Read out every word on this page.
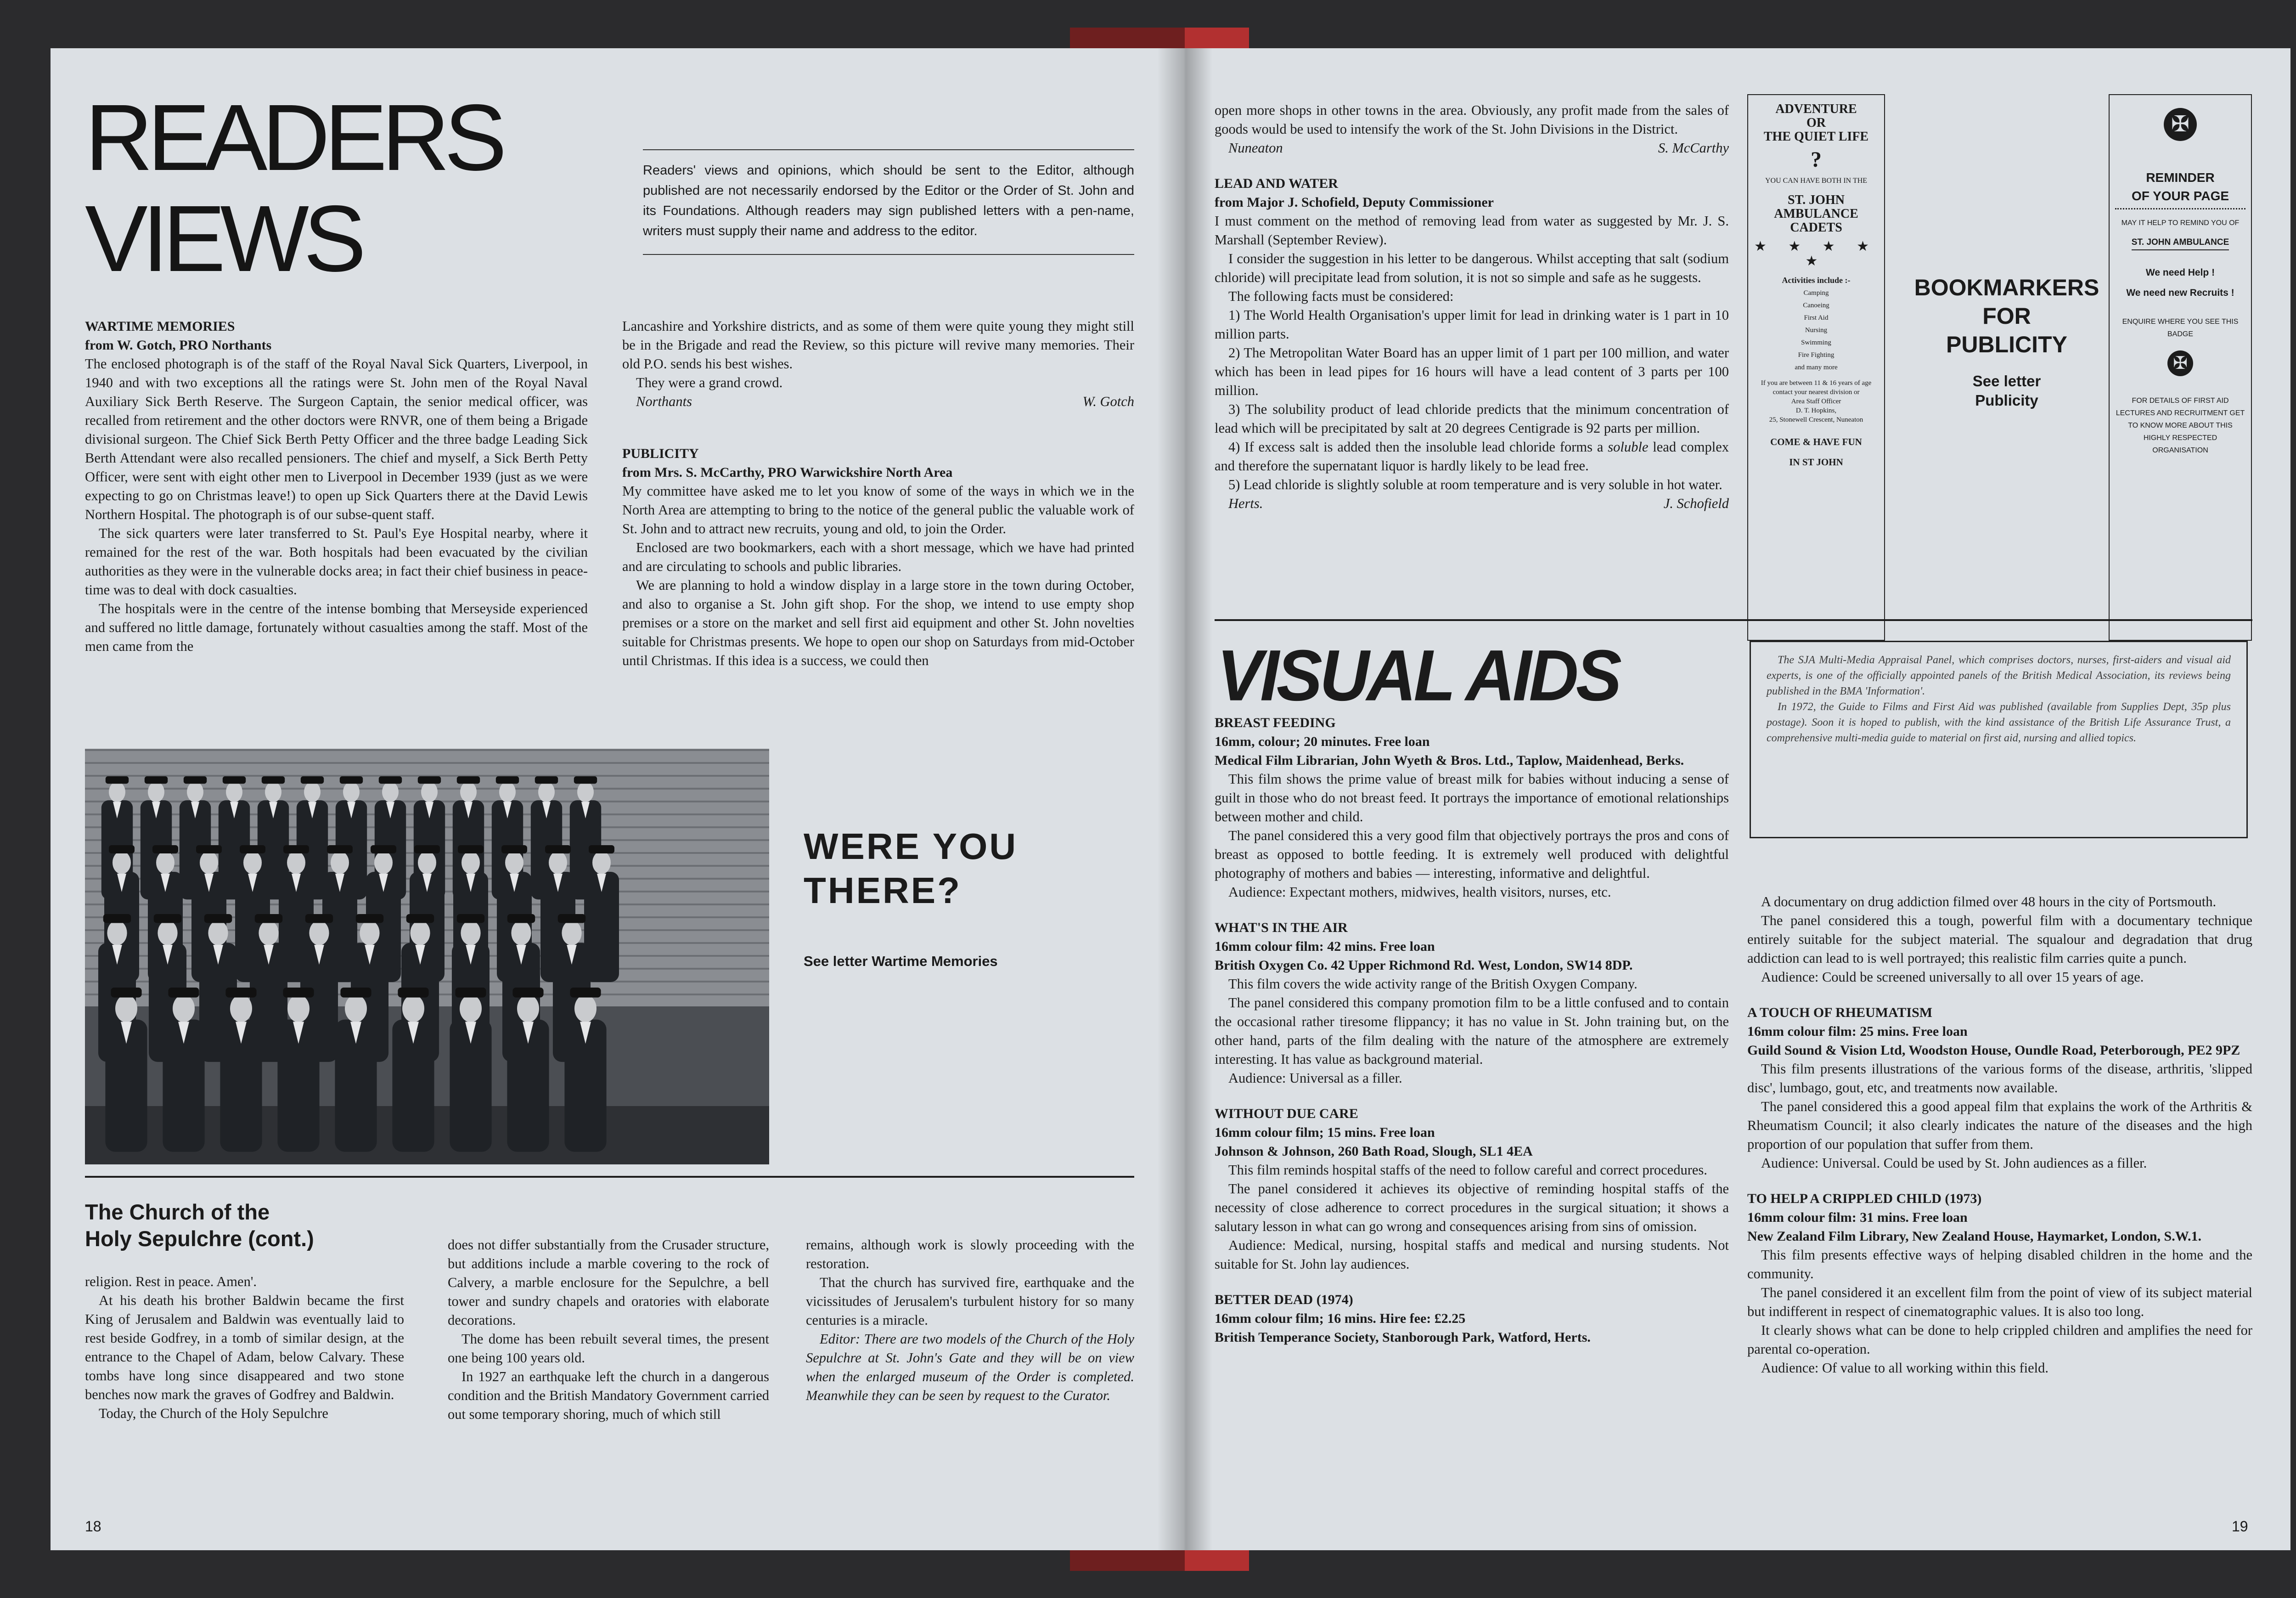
READERS
VIEWS
Readers' views and opinions, which should be sent to the Editor, although published are not necessarily endorsed by the Editor or the Order of St. John and its Foundations. Although readers may sign published letters with a pen-name, writers must supply their name and address to the editor.
WARTIME MEMORIES
from W. Gotch, PRO Northants

The enclosed photograph is of the staff of the Royal Naval Sick Quarters, Liverpool, in 1940 and with two exceptions all the ratings were St. John men of the Royal Naval Auxiliary Sick Berth Reserve. The Surgeon Captain, the senior medical officer, was recalled from retirement and the other doctors were RNVR, one of them being a Brigade divisional surgeon. The Chief Sick Berth Petty Officer and the three badge Leading Sick Berth Attendant were also recalled pensioners. The chief and myself, a Sick Berth Petty Officer, were sent with eight other men to Liverpool in December 1939 (just as we were expecting to go on Christmas leave!) to open up Sick Quarters there at the David Lewis Northern Hospital. The photograph is of our subse-quent staff.

The sick quarters were later transferred to St. Paul's Eye Hospital nearby, where it remained for the rest of the war. Both hospitals had been evacuated by the civilian authorities as they were in the vulnerable docks area; in fact their chief business in peace-time was to deal with dock casualties.

The hospitals were in the centre of the intense bombing that Merseyside experienced and suffered no little damage, fortunately without casualties among the staff. Most of the men came from the

Lancashire and Yorkshire districts, and as some of them were quite young they might still be in the Brigade and read the Review, so this picture will revive many memories. Their old P.O. sends his best wishes.

They were a grand crowd.

Northants	W. Gotch

PUBLICITY
from Mrs. S. McCarthy, PRO Warwickshire North Area

My committee have asked me to let you know of some of the ways in which we in the North Area are attempting to bring to the notice of the general public the valuable work of St. John and to attract new recruits, young and old, to join the Order.

Enclosed are two bookmarkers, each with a short message, which we have had printed and are circulating to schools and public libraries.

We are planning to hold a window display in a large store in the town during October, and also to organise a St. John gift shop. For the shop, we intend to use empty shop premises or a store on the market and sell first aid equipment and other St. John novelties suitable for Christmas presents. We hope to open our shop on Saturdays from mid-October until Christmas. If this idea is a success, we could then

WERE YOU THERE?
See letter Wartime Memories
The Church of the
Holy Sepulchre (cont.)

religion. Rest in peace. Amen'.

At his death his brother Baldwin became the first King of Jerusalem and Baldwin was eventually laid to rest beside Godfrey, in a tomb of similar design, at the entrance to the Chapel of Adam, below Calvary. These tombs have long since disappeared and two stone benches now mark the graves of Godfrey and Baldwin.

Today, the Church of the Holy Sepulchre

does not differ substantially from the Crusader structure, but additions include a marble covering to the rock of Calvery, a marble enclosure for the Sepulchre, a bell tower and sundry chapels and oratories with elaborate decorations.

The dome has been rebuilt several times, the present one being 100 years old.

In 1927 an earthquake left the church in a dangerous condition and the British Mandatory Government carried out some temporary shoring, much of which still

remains, although work is slowly proceeding with the restoration.

That the church has survived fire, earthquake and the vicissitudes of Jerusalem's turbulent history for so many centuries is a miracle.

Editor: There are two models of the Church of the Holy Sepulchre at St. John's Gate and they will be on view when the enlarged museum of the Order is completed. Meanwhile they can be seen by request to the Curator.

18

open more shops in other towns in the area. Obviously, any profit made from the sales of goods would be used to intensify the work of the St. John Divisions in the District.

Nuneaton	S. McCarthy

LEAD AND WATER
from Major J. Schofield, Deputy Commissioner

I must comment on the method of removing lead from water as suggested by Mr. J. S. Marshall (September Review).

I consider the suggestion in his letter to be dangerous. Whilst accepting that salt (sodium chloride) will precipitate lead from solution, it is not so simple and safe as he suggests.

The following facts must be considered:

1) The World Health Organisation's upper limit for lead in drinking water is 1 part in 10 million parts.

2) The Metropolitan Water Board has an upper limit of 1 part per 100 million, and water which has been in lead pipes for 16 hours will have a lead content of 3 parts per 100 million.

3) The solubility product of lead chloride predicts that the minimum concentration of lead which will be precipitated by salt at 20 degrees Centigrade is 92 parts per million.

4) If excess salt is added then the insoluble lead chloride forms a soluble lead complex and therefore the supernatant liquor is hardly likely to be lead free.

5) Lead chloride is slightly soluble at room temperature and is very soluble in hot water.

Herts.	J. Schofield

ADVENTURE
OR
THE QUIET LIFE
?
YOU CAN HAVE BOTH IN THE
ST. JOHN AMBULANCE CADETS
★ ★ ★ ★ ★
Activities include :-
Camping
Canoeing
First Aid
Nursing
Swimming
Fire Fighting
and many more
If you are between 11 & 16 years of age contact your nearest division or
Area Staff Officer
D. T. Hopkins,
25, Stonewell Crescent, Nuneaton
COME & HAVE FUN
IN ST JOHN
BOOKMARKERS
FOR
PUBLICITY
See letter
Publicity
✠
REMINDER
OF YOUR PAGE
MAY IT HELP TO REMIND YOU OF
ST. JOHN AMBULANCE
We need Help !
We need new Recruits !
ENQUIRE WHERE YOU SEE THIS BADGE
✠
FOR DETAILS OF FIRST AID LECTURES AND RECRUITMENT GET TO KNOW MORE ABOUT THIS HIGHLY RESPECTED ORGANISATION
VISUAL AIDS	The SJA Multi-Media Appraisal Panel, which comprises doctors, nurses, first-aiders and visual aid experts, is one of the officially appointed panels of the British Medical Association, its reviews being published in the BMA 'Information'.

In 1972, the Guide to Films and First Aid was published (available from Supplies Dept, 35p plus postage). Soon it is hoped to publish, with the kind assistance of the British Life Assurance Trust, a comprehensive multi-media guide to material on first aid, nursing and allied topics.

BREAST FEEDING
16mm, colour; 20 minutes. Free loan
Medical Film Librarian, John Wyeth & Bros. Ltd., Taplow, Maidenhead, Berks.

This film shows the prime value of breast milk for babies without inducing a sense of guilt in those who do not breast feed. It portrays the importance of emotional relationships between mother and child.

The panel considered this a very good film that objectively portrays the pros and cons of breast as opposed to bottle feeding. It is extremely well produced with delightful photography of mothers and babies — interesting, informative and delightful.

Audience: Expectant mothers, midwives, health visitors, nurses, etc.

WHAT'S IN THE AIR
16mm colour film: 42 mins. Free loan
British Oxygen Co. 42 Upper Richmond Rd. West, London, SW14 8DP.

This film covers the wide activity range of the British Oxygen Company.

The panel considered this company promotion film to be a little confused and to contain the occasional rather tiresome flippancy; it has no value in St. John training but, on the other hand, parts of the film dealing with the nature of the atmosphere are extremely interesting. It has value as background material.

Audience: Universal as a filler.

WITHOUT DUE CARE
16mm colour film; 15 mins. Free loan
Johnson & Johnson, 260 Bath Road, Slough, SL1 4EA

This film reminds hospital staffs of the need to follow careful and correct procedures.

The panel considered it achieves its objective of reminding hospital staffs of the necessity of close adherence to correct procedures in the surgical situation; it shows a salutary lesson in what can go wrong and consequences arising from sins of omission.

Audience: Medical, nursing, hospital staffs and medical and nursing students. Not suitable for St. John lay audiences.

BETTER DEAD (1974)
16mm colour film; 16 mins. Hire fee: £2.25
British Temperance Society, Stanborough Park, Watford, Herts.

A documentary on drug addiction filmed over 48 hours in the city of Portsmouth.

The panel considered this a tough, powerful film with a documentary technique entirely suitable for the subject material. The squalour and degradation that drug addiction can lead to is well portrayed; this realistic film carries quite a punch.

Audience: Could be screened universally to all over 15 years of age.

A TOUCH OF RHEUMATISM
16mm colour film: 25 mins. Free loan
Guild Sound & Vision Ltd, Woodston House, Oundle Road, Peterborough, PE2 9PZ

This film presents illustrations of the various forms of the disease, arthritis, 'slipped disc', lumbago, gout, etc, and treatments now available.

The panel considered this a good appeal film that explains the work of the Arthritis & Rheumatism Council; it also clearly indicates the nature of the diseases and the high proportion of our population that suffer from them.

Audience: Universal. Could be used by St. John audiences as a filler.

TO HELP A CRIPPLED CHILD (1973)
16mm colour film: 31 mins. Free loan
New Zealand Film Library, New Zealand House, Haymarket, London, S.W.1.

This film presents effective ways of helping disabled children in the home and the community.

The panel considered it an excellent film from the point of view of its subject material but indifferent in respect of cinematographic values. It is also too long.

It clearly shows what can be done to help crippled children and amplifies the need for parental co-operation.

Audience: Of value to all working within this field.

19
